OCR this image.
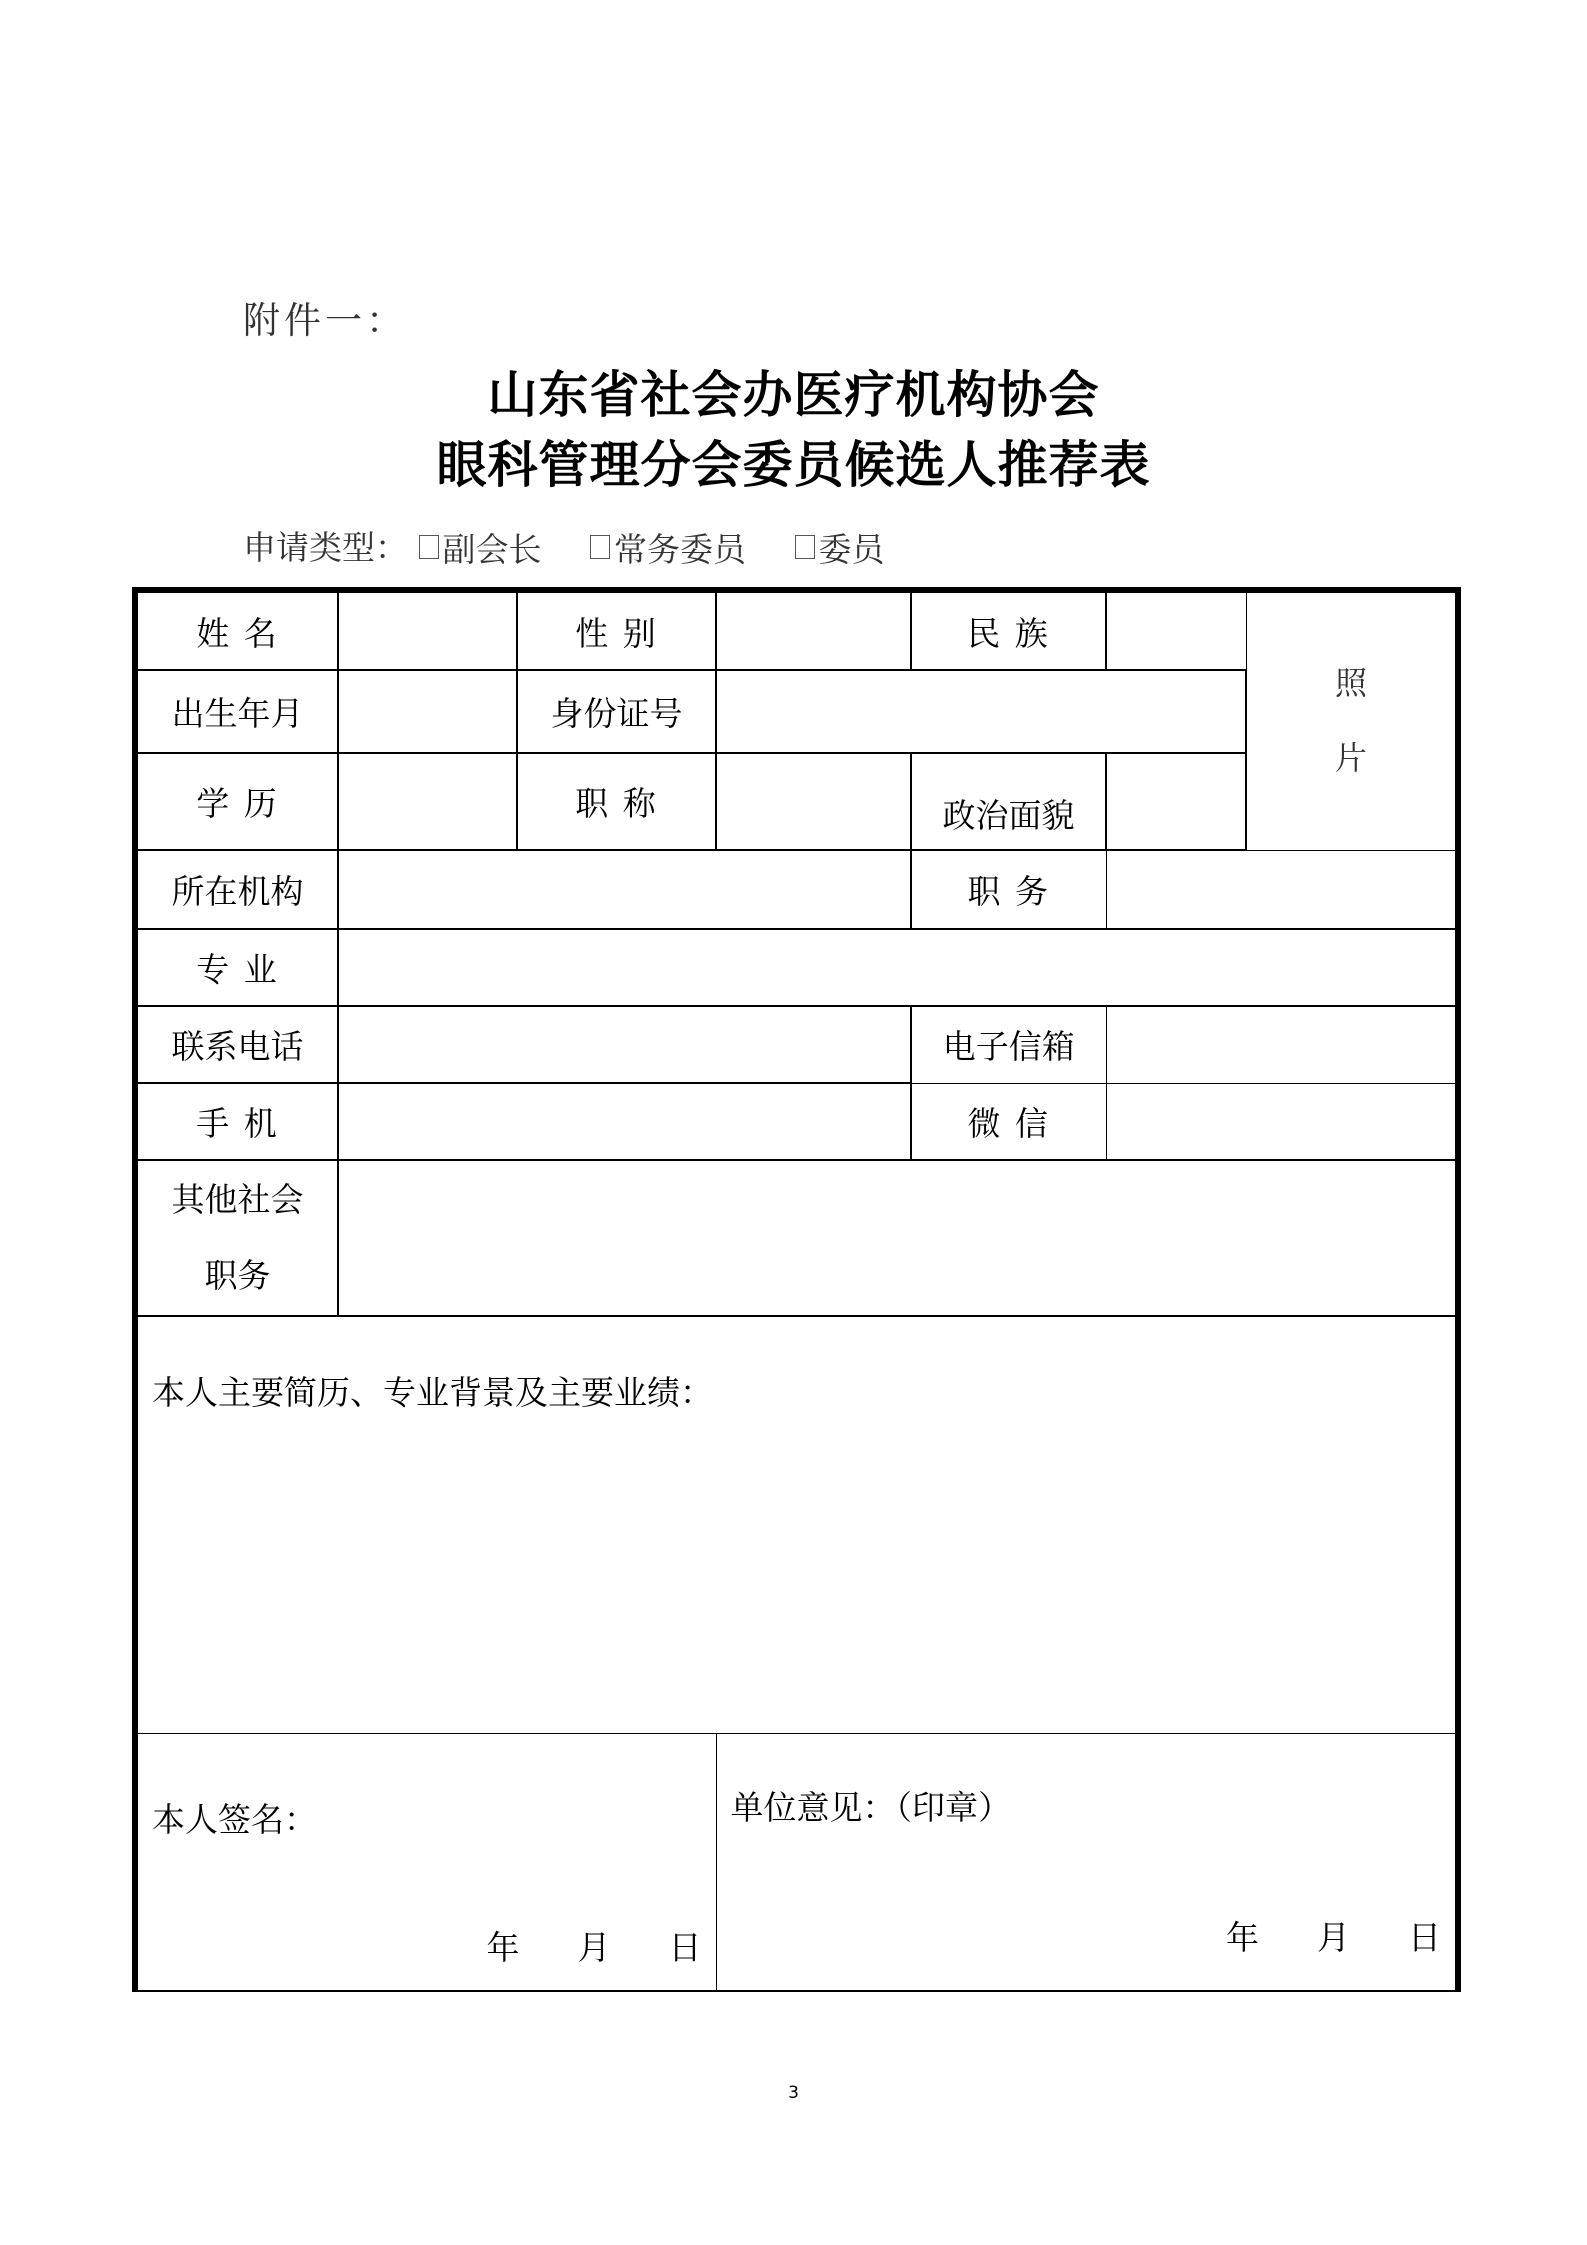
附件一：
山东省社会办医疗机构协会
眼科管理分会委员候选人推荐表
申请类型： 副会长
常务委员
委员
姓 名		性 别		民 族		照
片

出生年月		身份证号				
学 历		职 称		政治面貌		
所在机构				职 务		
专 业						
联系电话				电子信箱		
手 机				微 信		

其他社会
职务						

本人主要简历、专业背景及主要业绩：						

本人签名：
年 月 日

单位意见：（印章）
年 月 日
3
